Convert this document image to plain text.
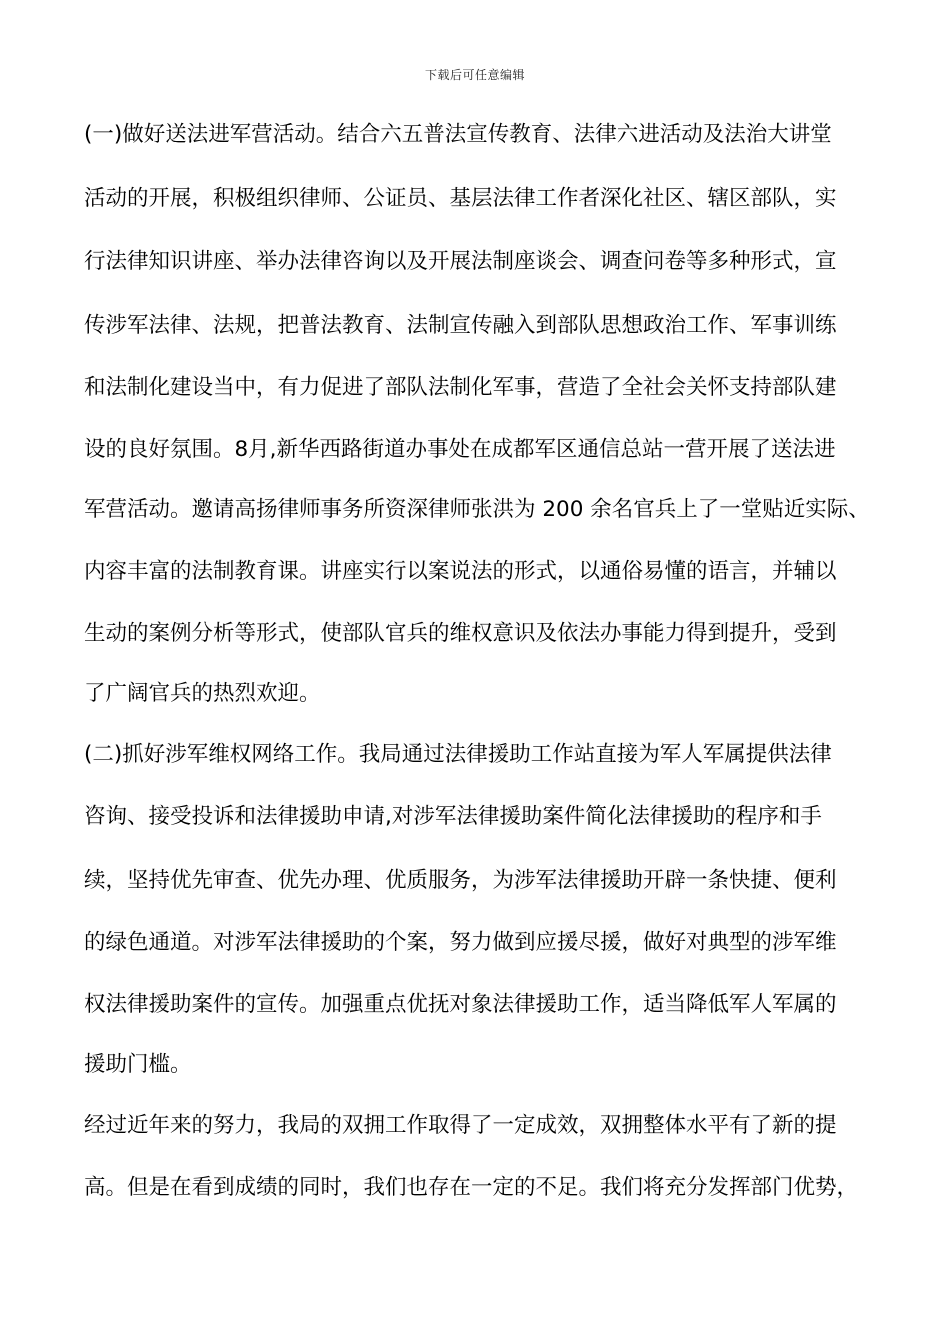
下载后可任意编辑
(一)做好送法进军营活动。结合六五普法宣传教育、法律六进活动及法治大讲堂
活动的开展，积极组织律师、公证员、基层法律工作者深化社区、辖区部队，实
行法律知识讲座、举办法律咨询以及开展法制座谈会、调查问卷等多种形式，宣
传涉军法律、法规，把普法教育、法制宣传融入到部队思想政治工作、军事训练
和法制化建设当中，有力促进了部队法制化军事，营造了全社会关怀支持部队建
设的良好氛围。8月,新华西路街道办事处在成都军区通信总站一营开展了送法进
军营活动。邀请高扬律师事务所资深律师张洪为 200 余名官兵上了一堂贴近实际、
内容丰富的法制教育课。讲座实行以案说法的形式，以通俗易懂的语言，并辅以
生动的案例分析等形式，使部队官兵的维权意识及依法办事能力得到提升，受到
了广阔官兵的热烈欢迎。
(二)抓好涉军维权网络工作。我局通过法律援助工作站直接为军人军属提供法律
咨询、接受投诉和法律援助申请,对涉军法律援助案件简化法律援助的程序和手
续，坚持优先审查、优先办理、优质服务，为涉军法律援助开辟一条快捷、便利
的绿色通道。对涉军法律援助的个案，努力做到应援尽援，做好对典型的涉军维
权法律援助案件的宣传。加强重点优抚对象法律援助工作，适当降低军人军属的
援助门槛。
经过近年来的努力，我局的双拥工作取得了一定成效，双拥整体水平有了新的提
高。但是在看到成绩的同时，我们也存在一定的不足。我们将充分发挥部门优势，
